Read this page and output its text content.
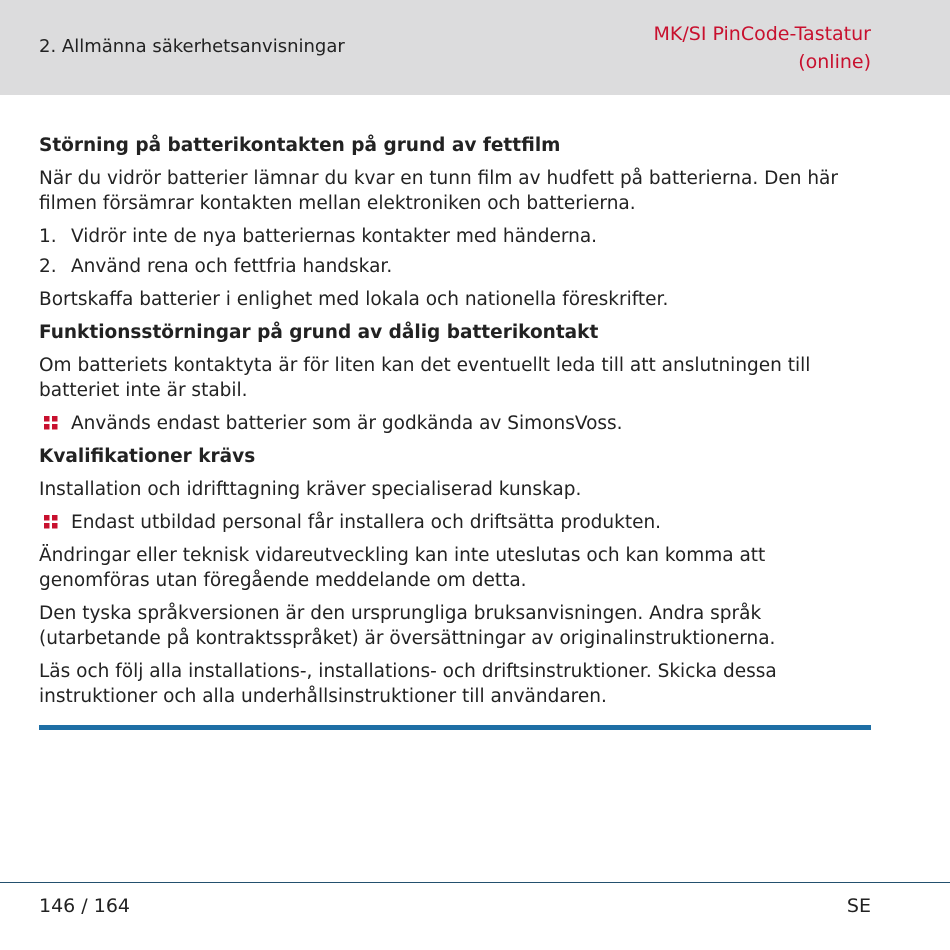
2. Allmänna säkerhetsanvisningar
MK/SI PinCode-Tastatur
(online)
Störning på batterikontakten på grund av fettfilm

När du vidrör batterier lämnar du kvar en tunn film av hudfett på batterierna. Den här filmen försämrar kontakten mellan elektroniken och batterierna.

1. Vidrör inte de nya batteriernas kontakter med händerna.
2. Använd rena och fettfria handskar.

Bortskaffa batterier i enlighet med lokala och nationella föreskrifter.

Funktionsstörningar på grund av dålig batterikontakt

Om batteriets kontaktyta är för liten kan det eventuellt leda till att anslutningen till batteriet inte är stabil.

Används endast batterier som är godkända av SimonsVoss.
Kvalifikationer krävs

Installation och idrifttagning kräver specialiserad kunskap.

Endast utbildad personal får installera och driftsätta produkten.

Ändringar eller teknisk vidareutveckling kan inte uteslutas och kan komma att genomföras utan föregående meddelande om detta.

Den tyska språkversionen är den ursprungliga bruksanvisningen. Andra språk (utarbetande på kontraktsspråket) är översättningar av originalinstruktionerna.

Läs och följ alla installations-, installations- och driftsinstruktioner. Skicka dessa instruktioner och alla underhållsinstruktioner till användaren.

146 / 164	SE
